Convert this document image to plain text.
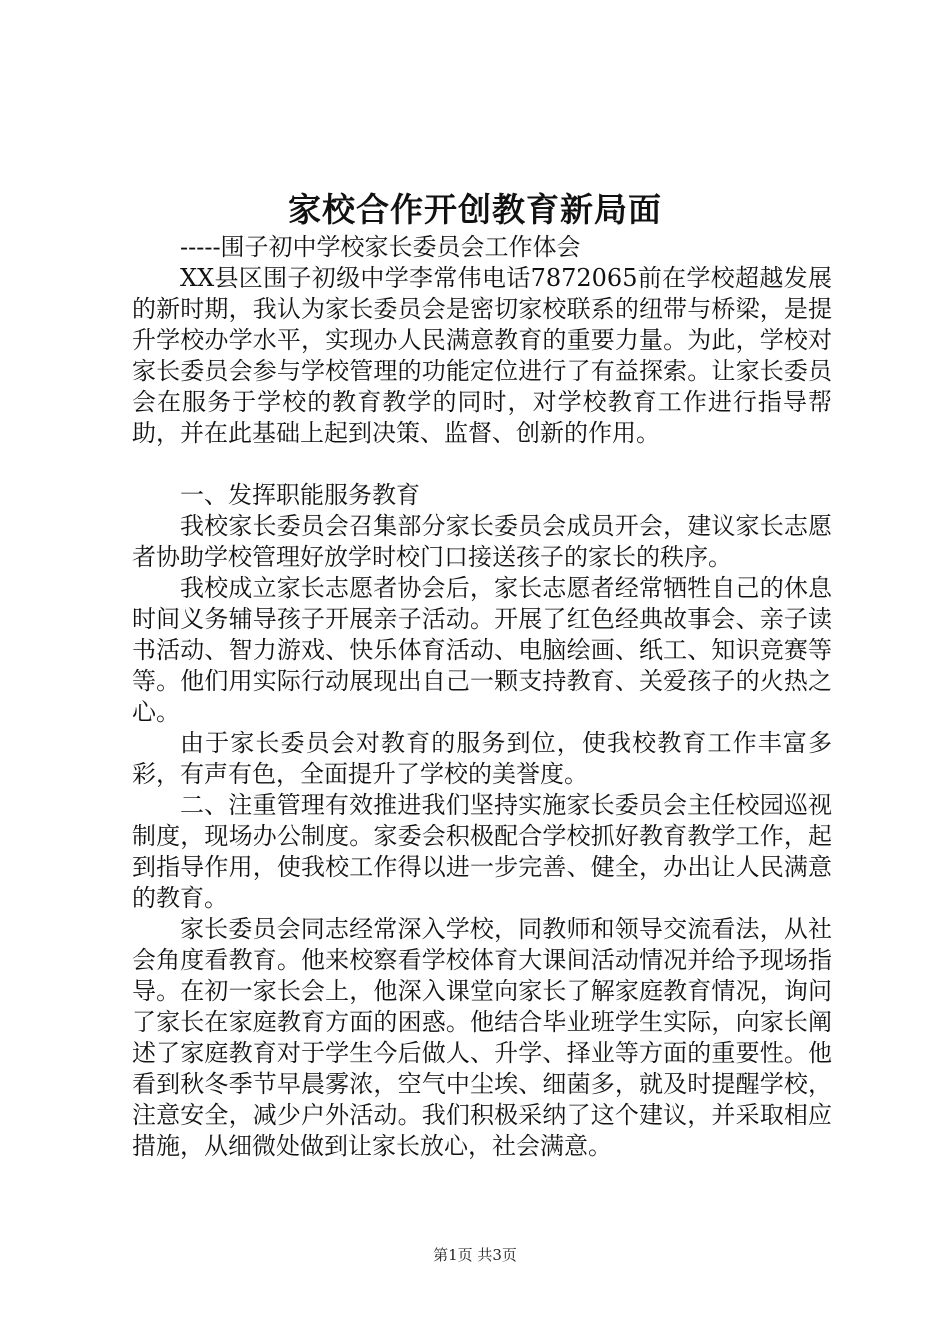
家校合作开创教育新局面

-----围子初中学校家长委员会工作体会

XX县区围子初级中学李常伟电话7872065前在学校超越发展的新时期，我认为家长委员会是密切家校联系的纽带与桥梁，是提升学校办学水平，实现办人民满意教育的重要力量。为此，学校对家长委员会参与学校管理的功能定位进行了有益探索。让家长委员会在服务于学校的教育教学的同时，对学校教育工作进行指导帮助，并在此基础上起到决策、监督、创新的作用。

一、发挥职能服务教育

我校家长委员会召集部分家长委员会成员开会，建议家长志愿者协助学校管理好放学时校门口接送孩子的家长的秩序。

我校成立家长志愿者协会后，家长志愿者经常牺牲自己的休息时间义务辅导孩子开展亲子活动。开展了红色经典故事会、亲子读书活动、智力游戏、快乐体育活动、电脑绘画、纸工、知识竞赛等等。他们用实际行动展现出自己一颗支持教育、关爱孩子的火热之心。

由于家长委员会对教育的服务到位，使我校教育工作丰富多彩，有声有色，全面提升了学校的美誉度。

二、注重管理有效推进我们坚持实施家长委员会主任校园巡视制度，现场办公制度。家委会积极配合学校抓好教育教学工作，起到指导作用，使我校工作得以进一步完善、健全，办出让人民满意的教育。

家长委员会同志经常深入学校，同教师和领导交流看法，从社会角度看教育。他来校察看学校体育大课间活动情况并给予现场指导。在初一家长会上，他深入课堂向家长了解家庭教育情况，询问了家长在家庭教育方面的困惑。他结合毕业班学生实际，向家长阐述了家庭教育对于学生今后做人、升学、择业等方面的重要性。他看到秋冬季节早晨雾浓，空气中尘埃、细菌多，就及时提醒学校，注意安全，减少户外活动。我们积极采纳了这个建议，并采取相应措施，从细微处做到让家长放心，社会满意。

第1页 共3页
